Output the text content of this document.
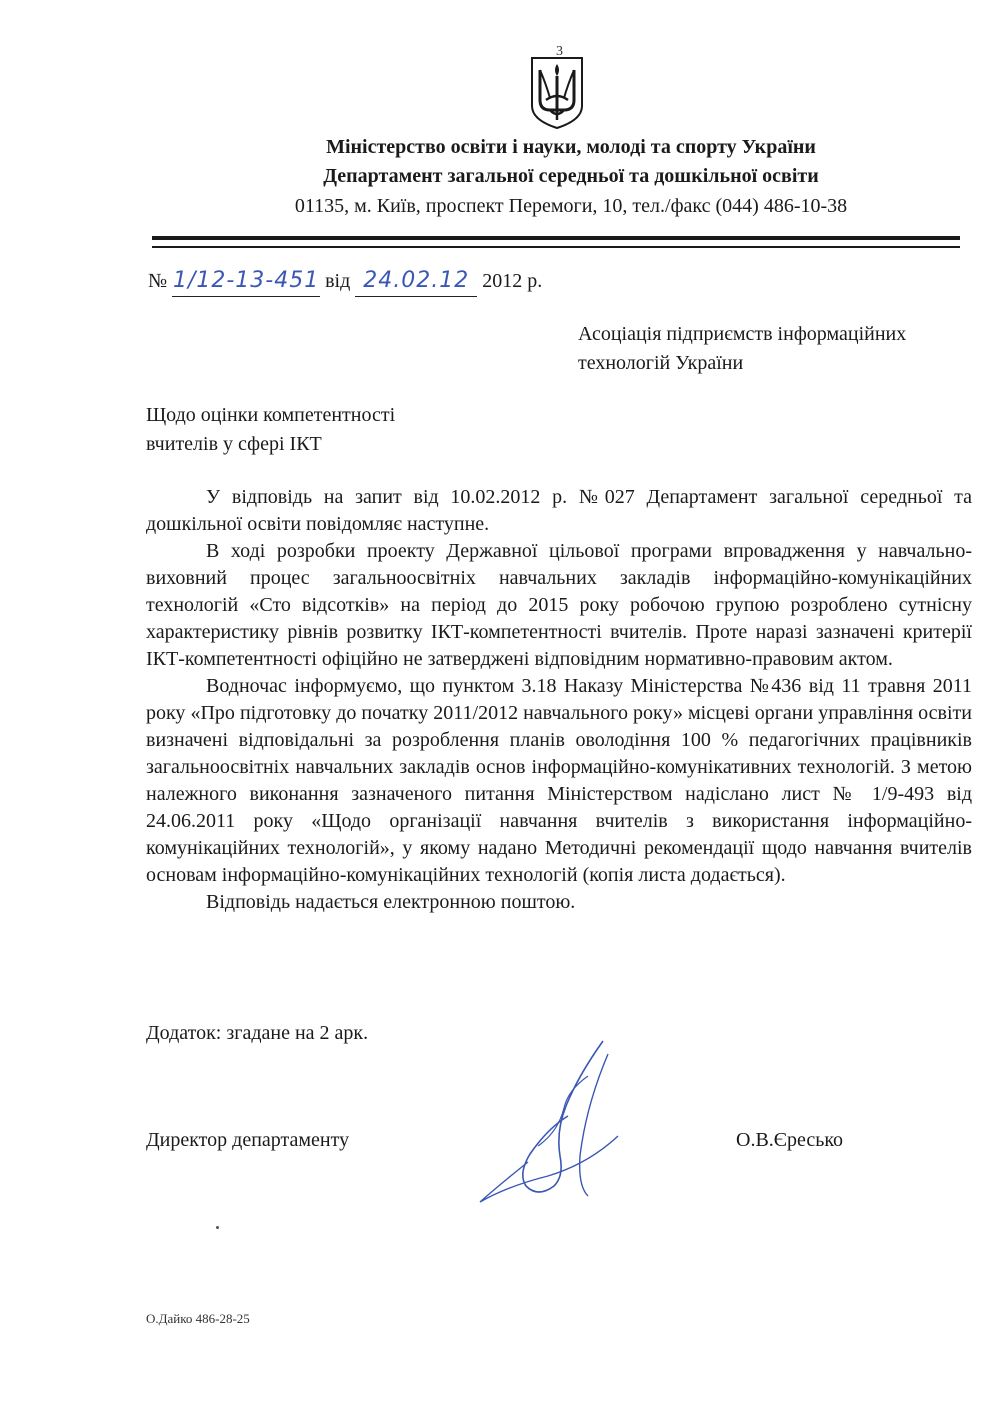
3
Міністерство освіти і науки, молоді та спорту України
Департамент загальної середньої та дошкільної освіти
01135, м. Київ, проспект Перемоги, 10, тел./факс (044) 486-10-38
№ 1/12-13-451 від 24.02.12 2012 р.
Асоціація підприємств інформаційних
технологій України
Щодо оцінки компетентності
вчителів у сфері ІКТ

У відповідь на запит від 10.02.2012 р. №027 Департамент загальної середньої та дошкільної освіти повідомляє наступне.

В ході розробки проекту Державної цільової програми впровадження у навчально-виховний процес загальноосвітніх навчальних закладів інформаційно-комунікаційних технологій «Сто відсотків» на період до 2015 року робочою групою розроблено сутнісну характеристику рівнів розвитку ІКТ-компетентності вчителів. Проте наразі зазначені критерії ІКТ-компетентності офіційно не затверджені відповідним нормативно-правовим актом.

Водночас інформуємо, що пунктом 3.18 Наказу Міністерства №436 від 11 травня 2011 року «Про підготовку до початку 2011/2012 навчального року» місцеві органи управління освіти визначені відповідальні за розроблення планів оволодіння 100 % педагогічних працівників загальноосвітніх навчальних закладів основ інформаційно-комунікативних технологій. З метою належного виконання зазначеного питання Міністерством надіслано лист № 1/9-493 від 24.06.2011 року «Щодо організації навчання вчителів з використання інформаційно-комунікаційних технологій», у якому надано Методичні рекомендації щодо навчання вчителів основам інформаційно-комунікаційних технологій (копія листа додається).

Відповідь надається електронною поштою.

Додаток: згадане на 2 арк.
Директор департаменту	О.В.Єресько
О.Дайко 486-28-25
